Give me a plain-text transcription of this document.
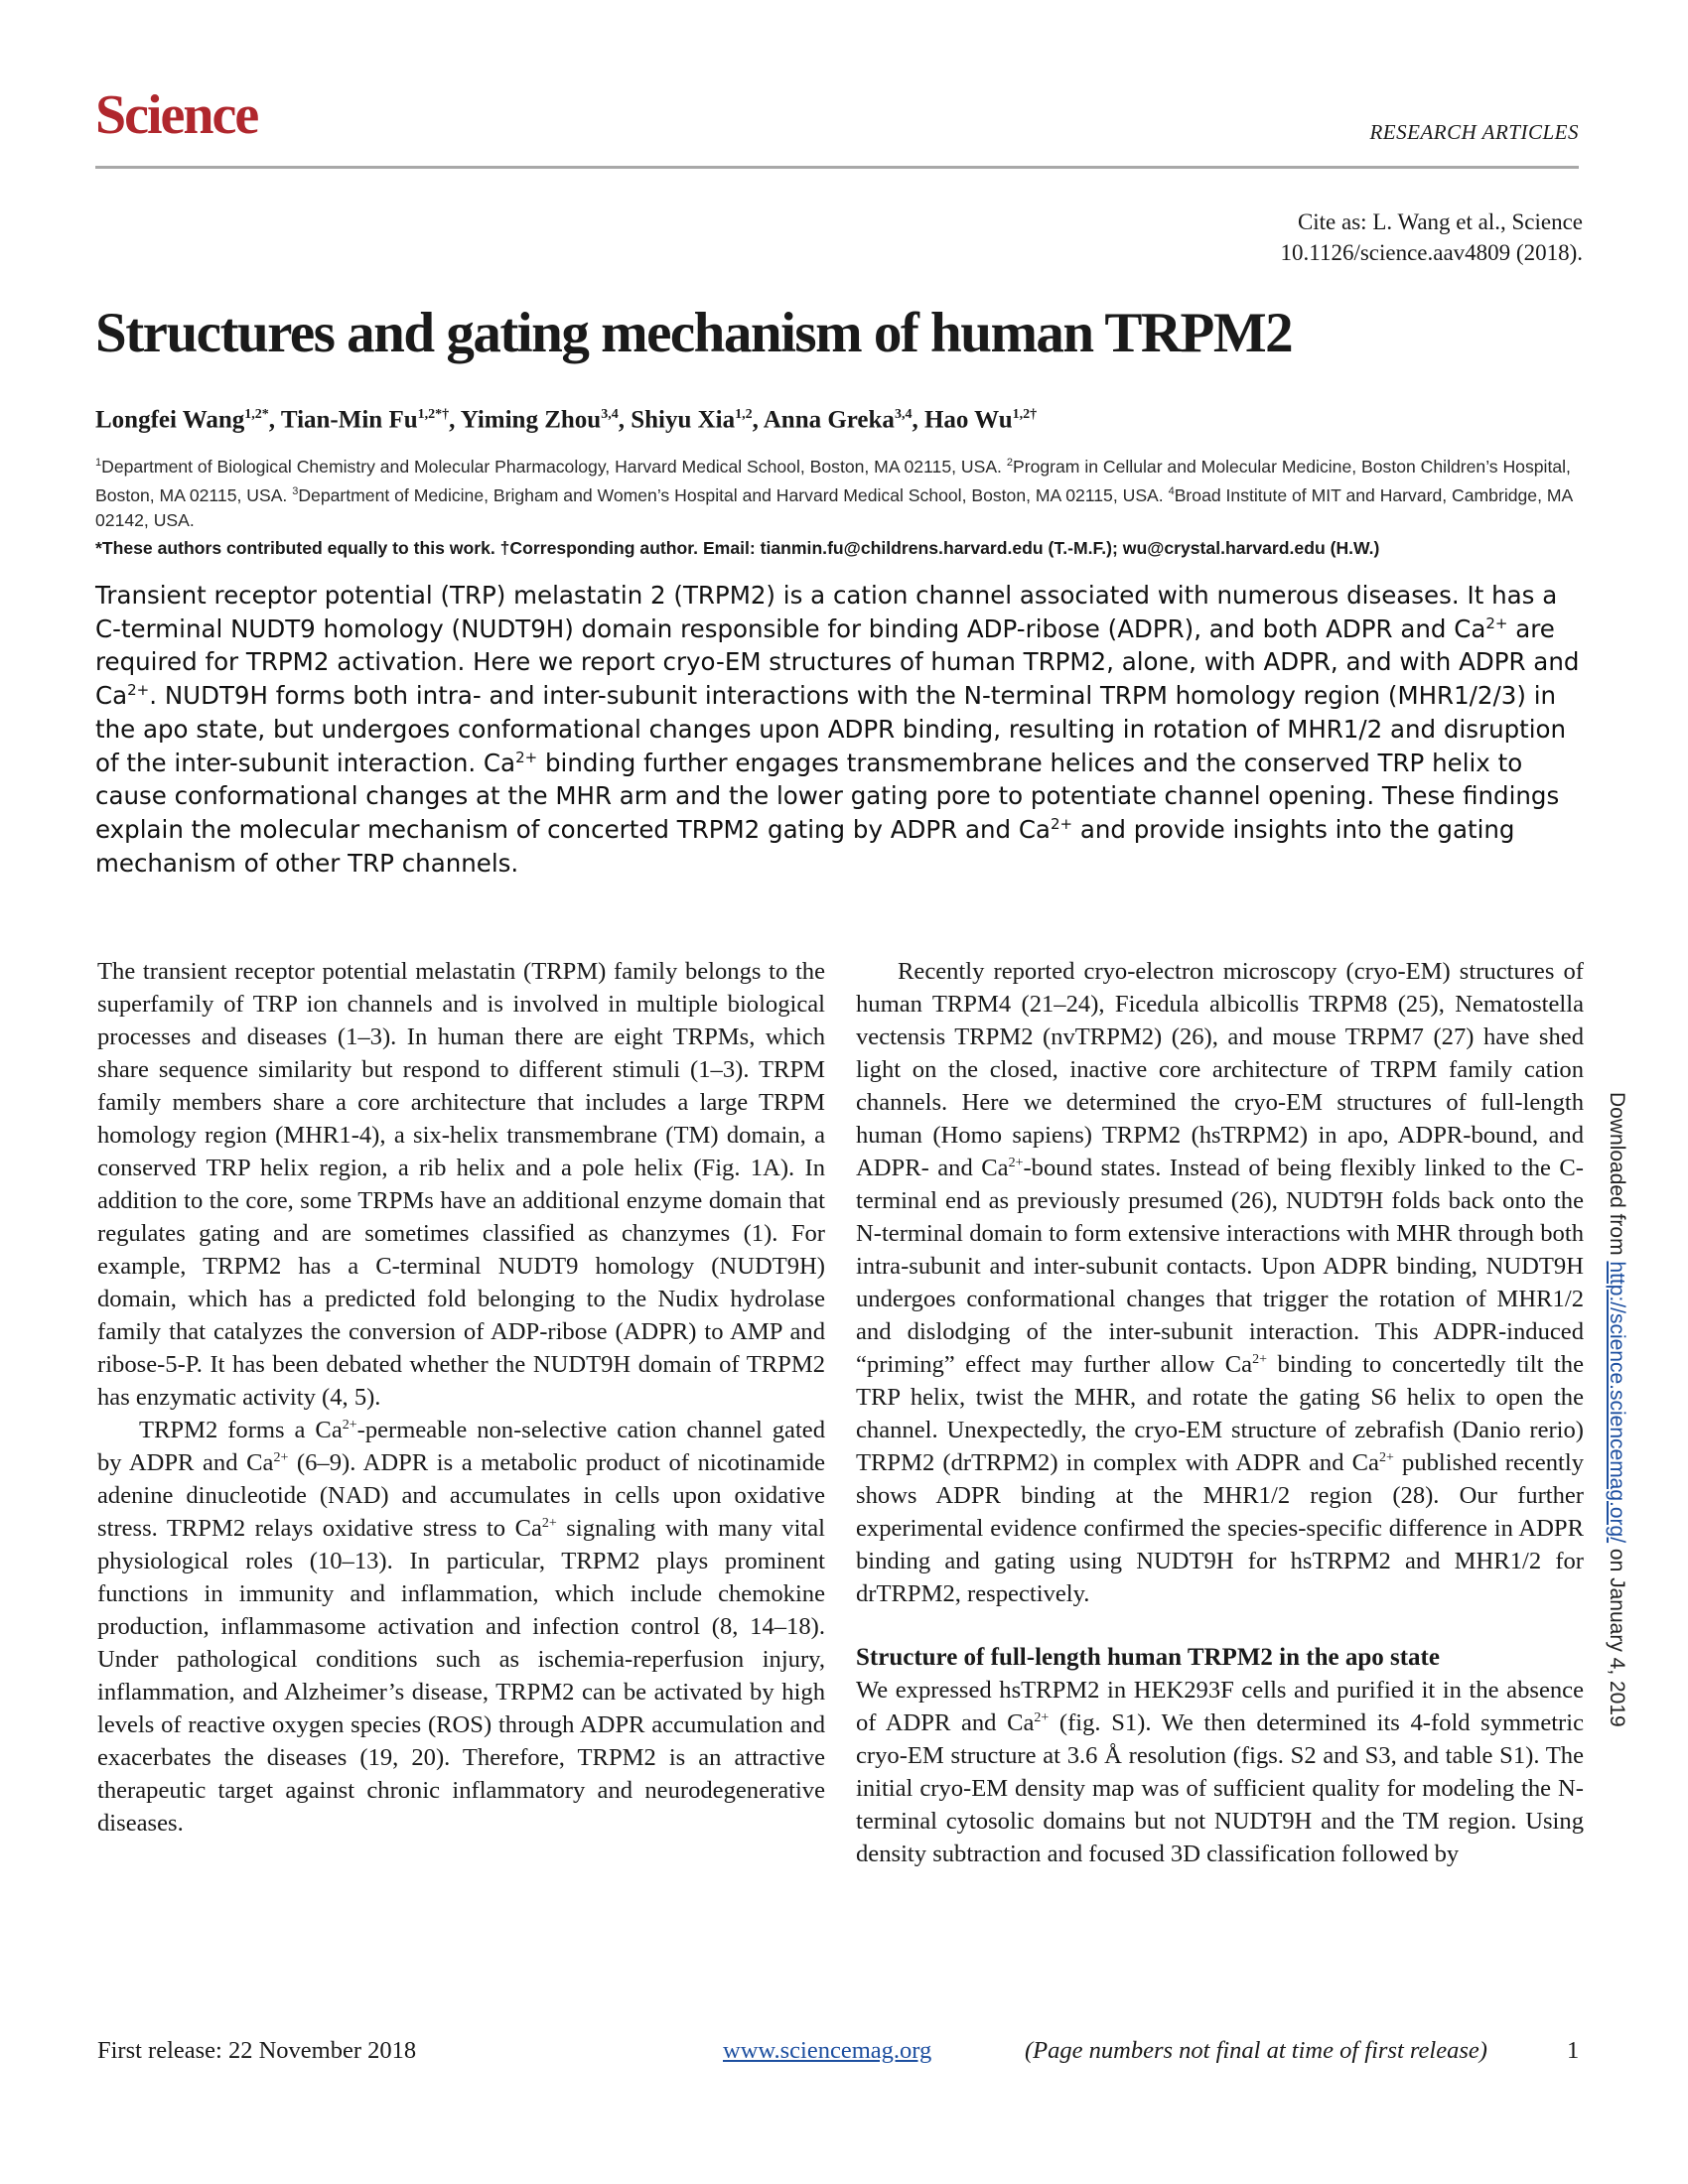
Science	RESEARCH ARTICLES
Cite as: L. Wang et al., Science
10.1126/science.aav4809 (2018).
Structures and gating mechanism of human TRPM2
Longfei Wang$^{1,2*}$, Tian-Min $Fu^{1,2*\dagger}$, Yiming Zhou$^{3,4}$, Shiyu Xia$^{1,2}$, Anna Greka$^{3,4}$, Hao $Wu^{1,2\dagger}$
$^1$Department of Biological Chemistry and Molecular Pharmacology, Harvard Medical School, Boston, MA 02115, USA. $^2$Program in Cellular and Molecular Medicine, Boston Children’s Hospital, Boston, MA 02115, USA. $^3$Department of Medicine, Brigham and Women’s Hospital and Harvard Medical School, Boston, MA 02115, USA. $^4$Broad Institute of MIT and Harvard, Cambridge, MA 02142, USA.
*These authors contributed equally to this work. †Corresponding author. Email: tianmin.fu@childrens.harvard.edu (T.-M.F.); wu@crystal.harvard.edu (H.W.)
Transient receptor potential (TRP) melastatin 2 (TRPM2) is a cation channel associated with numerous diseases. It has a C-terminal NUDT9 homology (NUDT9H) domain responsible for binding ADP-ribose (ADPR), and both ADPR and $Ca^{2+}$ are required for TRPM2 activation. Here we report cryo-EM structures of human TRPM2, alone, with ADPR, and with ADPR and $Ca^{2+}$. NUDT9H forms both intra- and inter-subunit interactions with the N-terminal TRPM homology region (MHR1/2/3) in the apo state, but undergoes conformational changes upon ADPR binding, resulting in rotation of MHR1/2 and disruption of the inter-subunit interaction. $Ca^{2+}$ binding further engages transmembrane helices and the conserved TRP helix to cause conformational changes at the MHR arm and the lower gating pore to potentiate channel opening. These findings explain the molecular mechanism of concerted TRPM2 gating by ADPR and $Ca^{2+}$ and provide insights into the gating mechanism of other TRP channels.

The transient receptor potential melastatin (TRPM) family belongs to the superfamily of TRP ion channels and is involved in multiple biological processes and diseases (1–3). In human there are eight TRPMs, which share sequence similarity but respond to different stimuli (1–3). TRPM family members share a core architecture that includes a large TRPM homology region (MHR1-4), a six-helix transmembrane (TM) domain, a conserved TRP helix region, a rib helix and a pole helix (Fig. 1A). In addition to the core, some TRPMs have an additional enzyme domain that regulates gating and are sometimes classified as chanzymes (1). For example, TRPM2 has a C-terminal NUDT9 homology (NUDT9H) domain, which has a predicted fold belonging to the Nudix hydrolase family that catalyzes the conversion of ADP-ribose (ADPR) to AMP and ribose-5-P. It has been debated whether the NUDT9H domain of TRPM2 has enzymatic activity (4, 5).

TRPM2 forms a $Ca^{2+}$-permeable non-selective cation channel gated by ADPR and $Ca^{2+}$ (6–9). ADPR is a metabolic product of nicotinamide adenine dinucleotide (NAD) and accumulates in cells upon oxidative stress. TRPM2 relays oxidative stress to $Ca^{2+}$ signaling with many vital physiological roles (10–13). In particular, TRPM2 plays prominent functions in immunity and inflammation, which include chemokine production, inflammasome activation and infection control (8, 14–18). Under pathological conditions such as ischemia-reperfusion injury, inflammation, and Alzheimer’s disease, TRPM2 can be activated by high levels of reactive oxygen species (ROS) through ADPR accumulation and exacerbates the diseases (19, 20). Therefore, TRPM2 is an attractive therapeutic target against chronic inflammatory and neurodegenerative diseases.

Recently reported cryo-electron microscopy (cryo-EM) structures of human TRPM4 (21–24), Ficedula albicollis TRPM8 (25), Nematostella vectensis TRPM2 (nvTRPM2) (26), and mouse TRPM7 (27) have shed light on the closed, inactive core architecture of TRPM family cation channels. Here we determined the cryo-EM structures of full-length human (Homo sapiens) TRPM2 (hsTRPM2) in apo, ADPR-bound, and ADPR- and $Ca^{2+}$-bound states. Instead of being flexibly linked to the C-terminal end as previously presumed (26), NUDT9H folds back onto the N-terminal domain to form extensive interactions with MHR through both intra-subunit and inter-subunit contacts. Upon ADPR binding, NUDT9H undergoes conformational changes that trigger the rotation of MHR1/2 and dislodging of the inter-subunit interaction. This ADPR-induced “priming” effect may further allow $Ca^{2+}$ binding to concertedly tilt the TRP helix, twist the MHR, and rotate the gating S6 helix to open the channel. Unexpectedly, the cryo-EM structure of zebrafish (Danio rerio) TRPM2 (drTRPM2) in complex with ADPR and $Ca^{2+}$ published recently shows ADPR binding at the MHR1/2 region (28). Our further experimental evidence confirmed the species-specific difference in ADPR binding and gating using NUDT9H for hsTRPM2 and MHR1/2 for drTRPM2, respectively.

Structure of full-length human TRPM2 in the apo state

We expressed hsTRPM2 in HEK293F cells and purified it in the absence of ADPR and $Ca^{2+}$ (fig. S1). We then determined its 4-fold symmetric cryo-EM structure at 3.6 Å resolution (figs. S2 and S3, and table S1). The initial cryo-EM density map was of sufficient quality for modeling the N-terminal cytosolic domains but not NUDT9H and the TM region. Using density subtraction and focused 3D classification followed by

Downloaded from http://science.sciencemag.org/ on January 4, 2019
First release: 22 November 2018	www.sciencemag.org	(Page numbers not final at time of first release)	1
